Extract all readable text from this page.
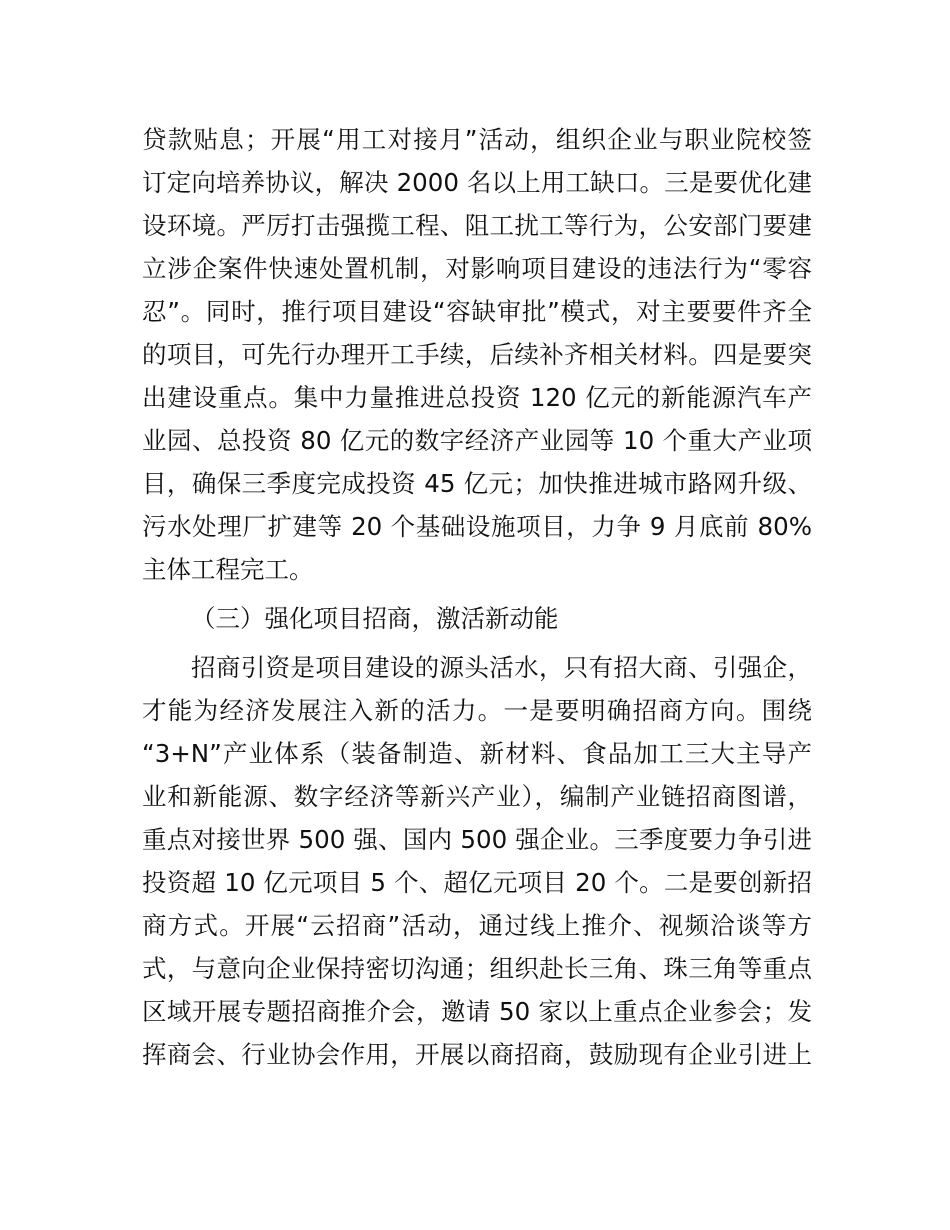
贷款贴息；开展“用工对接月”活动，组织企业与职业院校签
订定向培养协议，解决 2000 名以上用工缺口。三是要优化建
设环境。严厉打击强揽工程、阻工扰工等行为，公安部门要建
立涉企案件快速处置机制，对影响项目建设的违法行为“零容
忍”。同时，推行项目建设“容缺审批”模式，对主要要件齐全
的项目，可先行办理开工手续，后续补齐相关材料。四是要突
出建设重点。集中力量推进总投资 120 亿元的新能源汽车产
业园、总投资 80 亿元的数字经济产业园等 10 个重大产业项
目，确保三季度完成投资 45 亿元；加快推进城市路网升级、
污水处理厂扩建等 20 个基础设施项目，力争 9 月底前 80%
主体工程完工。
（三）强化项目招商，激活新动能
招商引资是项目建设的源头活水，只有招大商、引强企，
才能为经济发展注入新的活力。一是要明确招商方向。围绕
“3+N”产业体系（装备制造、新材料、食品加工三大主导产
业和新能源、数字经济等新兴产业），编制产业链招商图谱，
重点对接世界 500 强、国内 500 强企业。三季度要力争引进
投资超 10 亿元项目 5 个、超亿元项目 20 个。二是要创新招
商方式。开展“云招商”活动，通过线上推介、视频洽谈等方
式，与意向企业保持密切沟通；组织赴长三角、珠三角等重点
区域开展专题招商推介会，邀请 50 家以上重点企业参会；发
挥商会、行业协会作用，开展以商招商，鼓励现有企业引进上
